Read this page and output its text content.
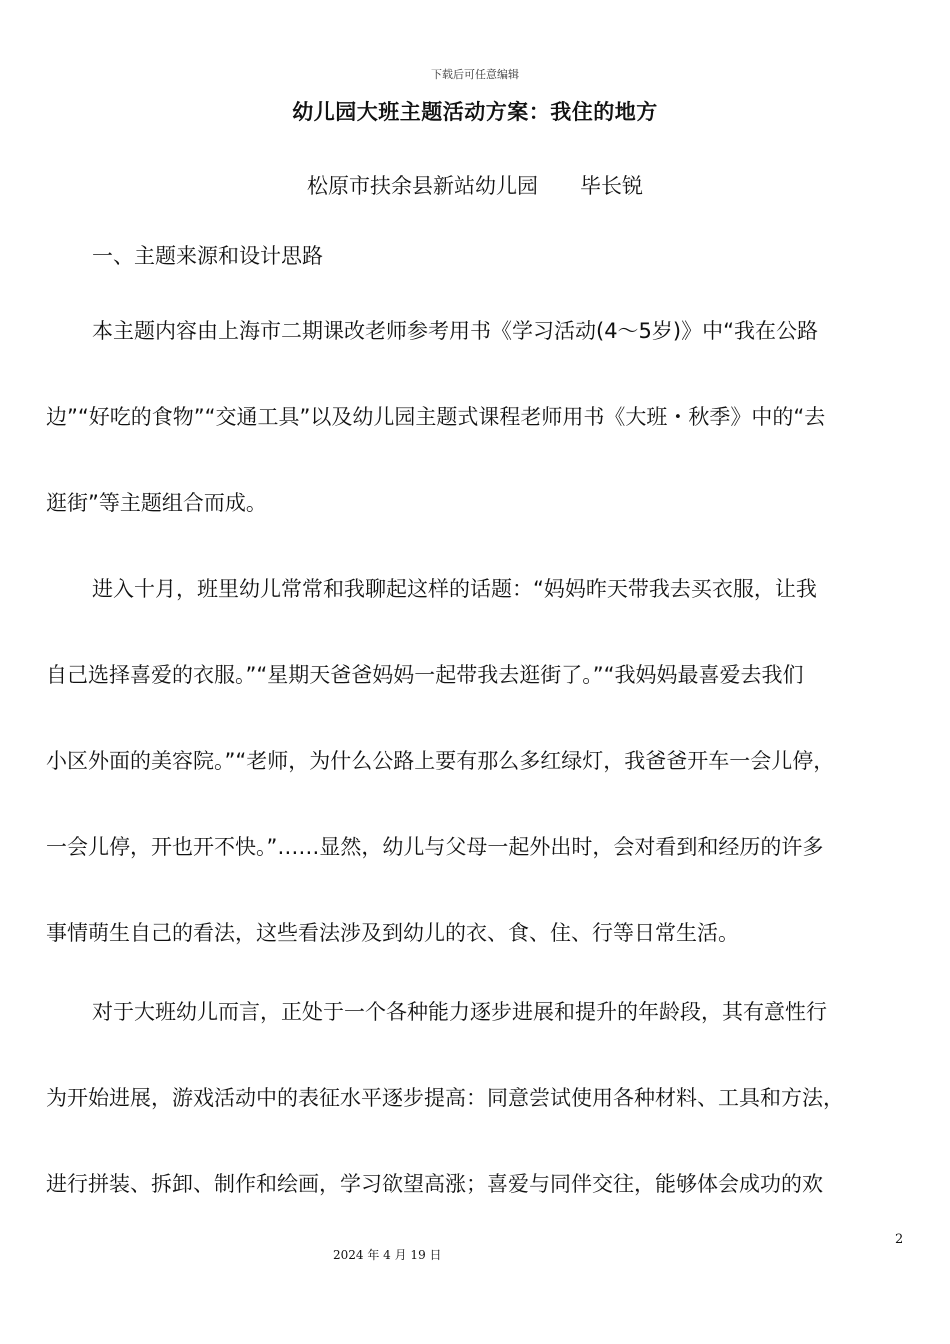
下载后可任意编辑
幼儿园大班主题活动方案：我住的地方
松原市扶余县新站幼儿园 毕长锐
一、主题来源和设计思路
本主题内容由上海市二期课改老师参考用书《学习活动(4～5岁)》中“我在公路
边”“好吃的食物”“交通工具”以及幼儿园主题式课程老师用书《大班・秋季》中的“去
逛街”等主题组合而成。
进入十月，班里幼儿常常和我聊起这样的话题：“妈妈昨天带我去买衣服，让我
自己选择喜爱的衣服。”“星期天爸爸妈妈一起带我去逛街了。”“我妈妈最喜爱去我们
小区外面的美容院。”“老师，为什么公路上要有那么多红绿灯，我爸爸开车一会儿停，
一会儿停，开也开不快。”……显然，幼儿与父母一起外出时，会对看到和经历的许多
事情萌生自己的看法，这些看法涉及到幼儿的衣、食、住、行等日常生活。
对于大班幼儿而言，正处于一个各种能力逐步进展和提升的年龄段，其有意性行
为开始进展，游戏活动中的表征水平逐步提高：同意尝试使用各种材料、工具和方法，
进行拼装、拆卸、制作和绘画，学习欲望高涨；喜爱与同伴交往，能够体会成功的欢
2
2024 年 4 月 19 日
